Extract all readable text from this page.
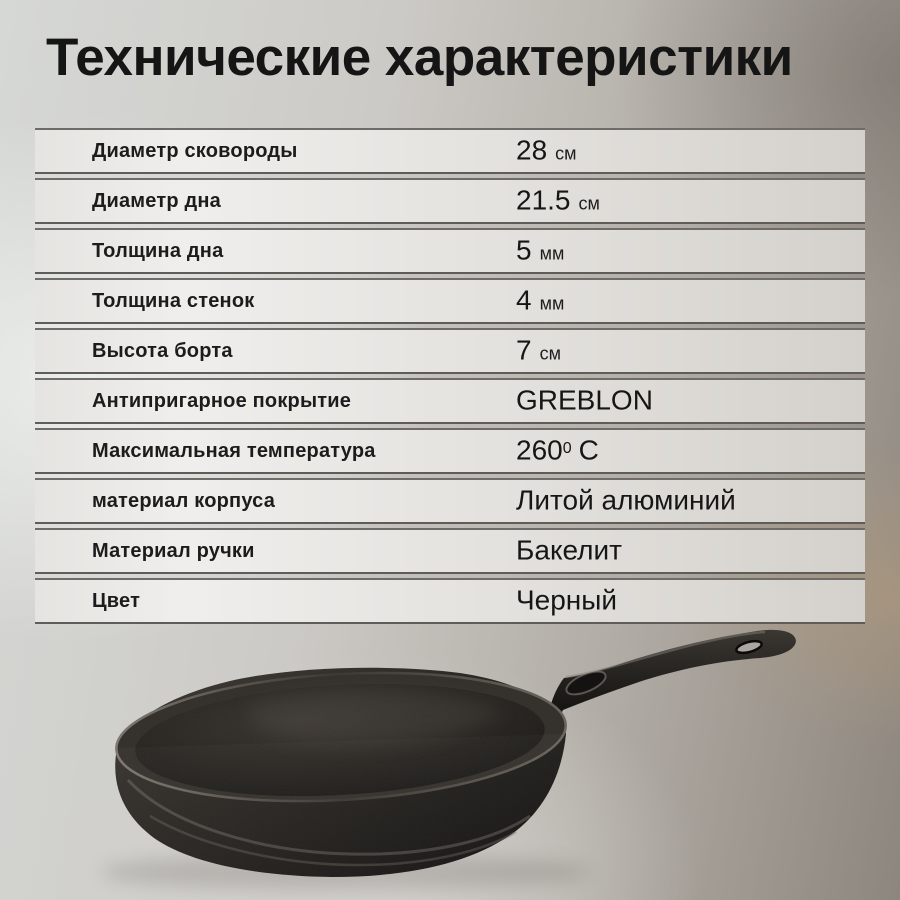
Технические характеристики
Диаметр сковороды	28 см
Диаметр дна	21.5 см
Толщина дна	5 мм
Толщина стенок	4 мм
Высота борта	7 см
Антипригарное покрытие	GREBLON
Максимальная температура	$260^0$ C
материал корпуса	Литой алюминий
Материал ручки	Бакелит
Цвет	Черный
